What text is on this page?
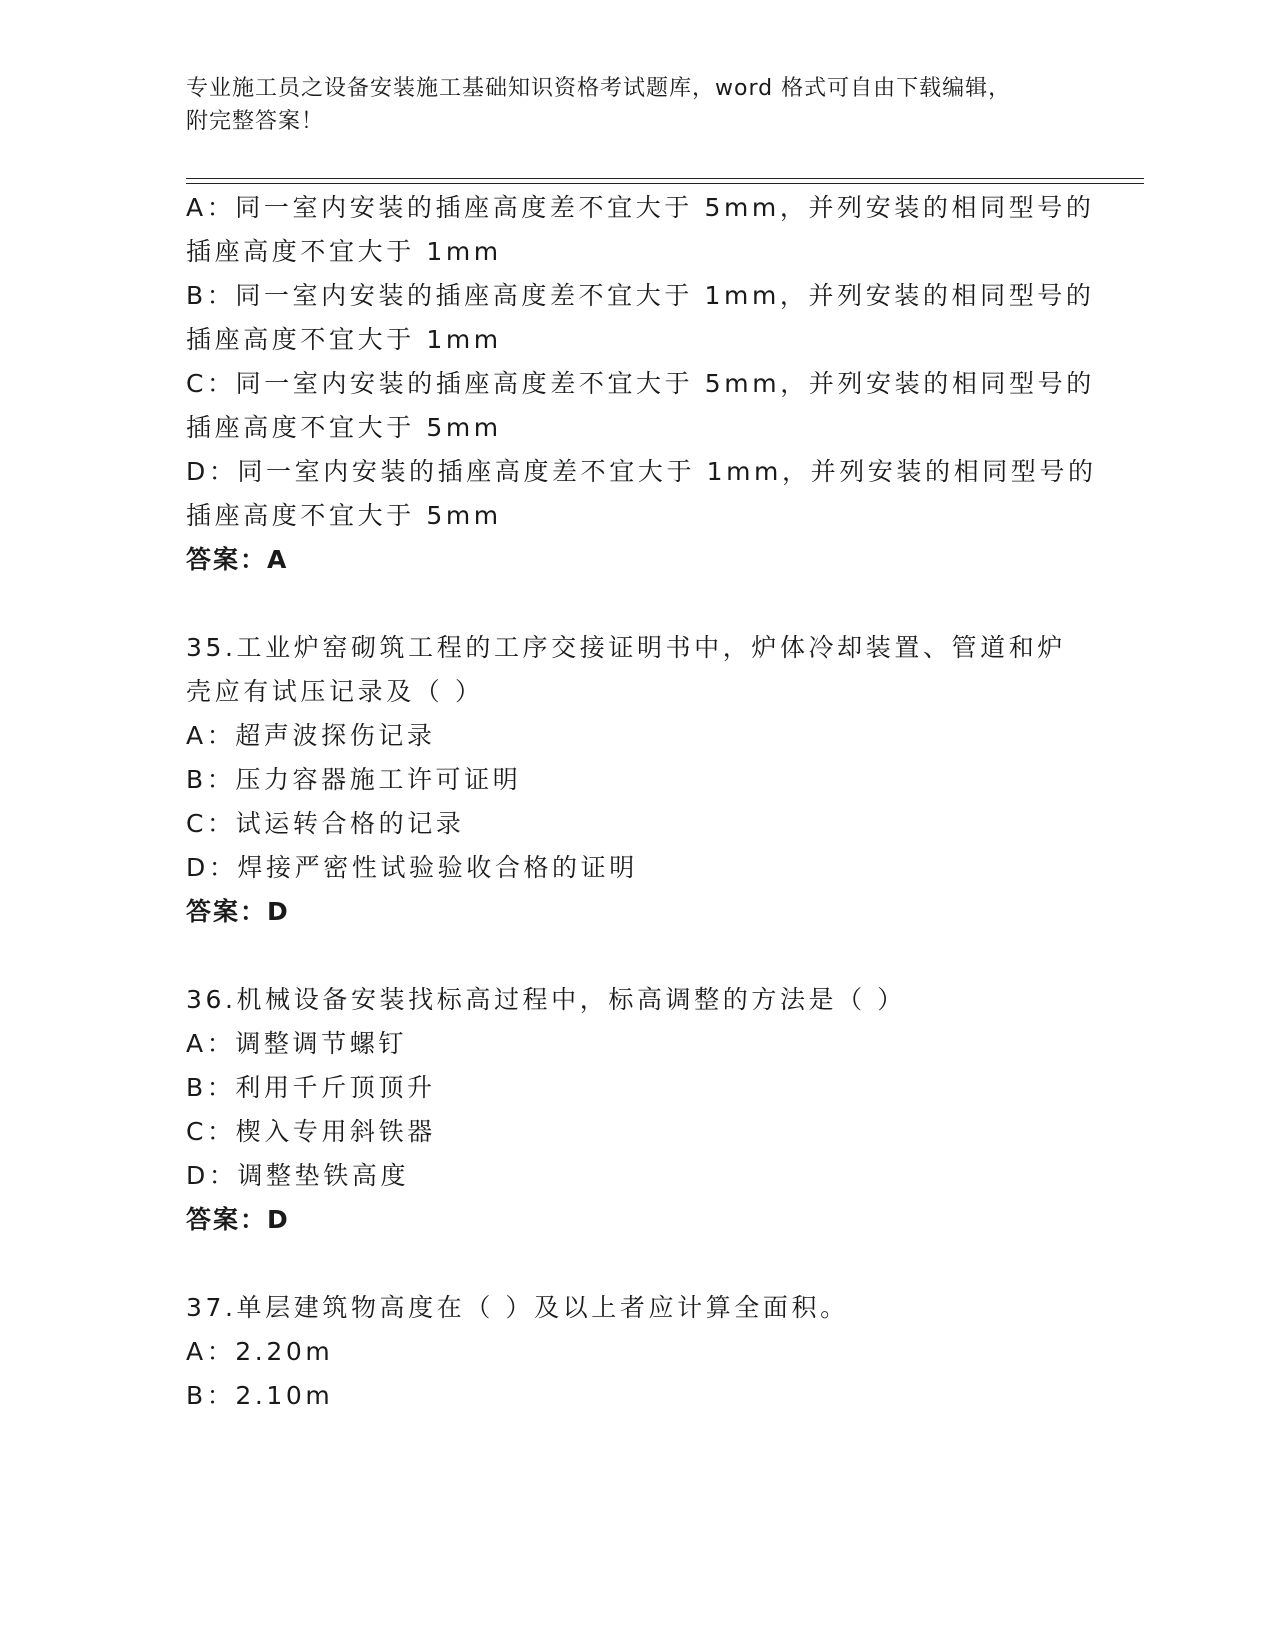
专业施工员之设备安装施工基础知识资格考试题库，word 格式可自由下载编辑，
附完整答案！
A：同一室内安装的插座高度差不宜大于 5mm，并列安装的相同型号的
插座高度不宜大于 1mm
B：同一室内安装的插座高度差不宜大于 1mm，并列安装的相同型号的
插座高度不宜大于 1mm
C：同一室内安装的插座高度差不宜大于 5mm，并列安装的相同型号的
插座高度不宜大于 5mm
D：同一室内安装的插座高度差不宜大于 1mm，并列安装的相同型号的
插座高度不宜大于 5mm
答案：A
35.工业炉窑砌筑工程的工序交接证明书中，炉体冷却装置、管道和炉
壳应有试压记录及（ ）
A：超声波探伤记录
B：压力容器施工许可证明
C：试运转合格的记录
D：焊接严密性试验验收合格的证明
答案：D
36.机械设备安装找标高过程中，标高调整的方法是（ ）
A：调整调节螺钉
B：利用千斤顶顶升
C：楔入专用斜铁器
D：调整垫铁高度
答案：D
37.单层建筑物高度在（ ）及以上者应计算全面积。
A：2.20m
B：2.10m
